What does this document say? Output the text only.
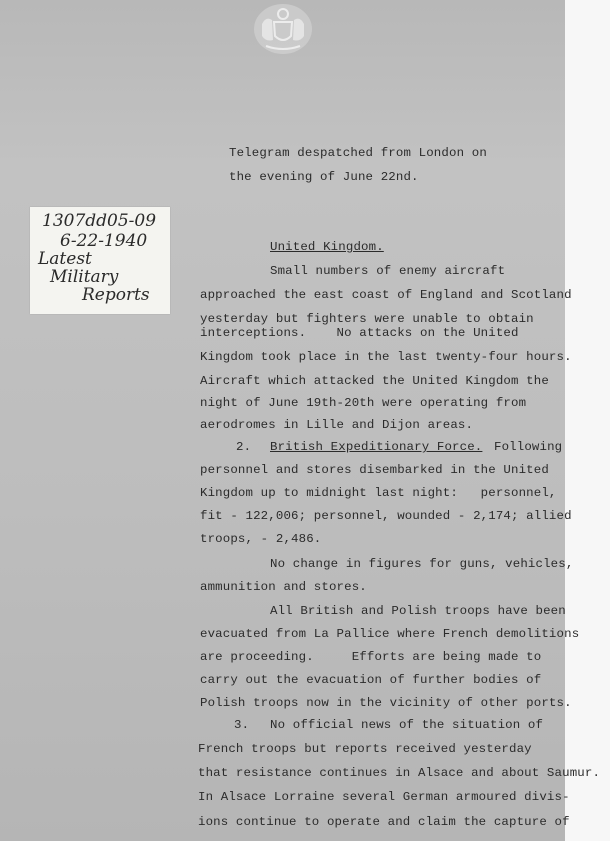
1307dd05-09
6-22-1940
Latest
Military
Reports
Telegram despatched from London on
the evening of June 22nd.
United Kingdom.
Small numbers of enemy aircraft
approached the east coast of England and Scotland
yesterday but fighters were unable to obtain
interceptions.    No attacks on the United
Kingdom took place in the last twenty-four hours.
Aircraft which attacked the United Kingdom the
night of June 19th-20th were operating from
aerodromes in Lille and Dijon areas.
2. British Expeditionary Force. Following
personnel and stores disembarked in the United
Kingdom up to midnight last night:   personnel,
fit - 122,006; personnel, wounded - 2,174; allied
troops, - 2,486.
No change in figures for guns, vehicles,
ammunition and stores.
All British and Polish troops have been
evacuated from La Pallice where French demolitions
are proceeding.     Efforts are being made to
carry out the evacuation of further bodies of
Polish troops now in the vicinity of other ports.
3. No official news of the situation of
French troops but reports received yesterday
that resistance continues in Alsace and about Saumur.
In Alsace Lorraine several German armoured divis-
ions continue to operate and claim the capture of
